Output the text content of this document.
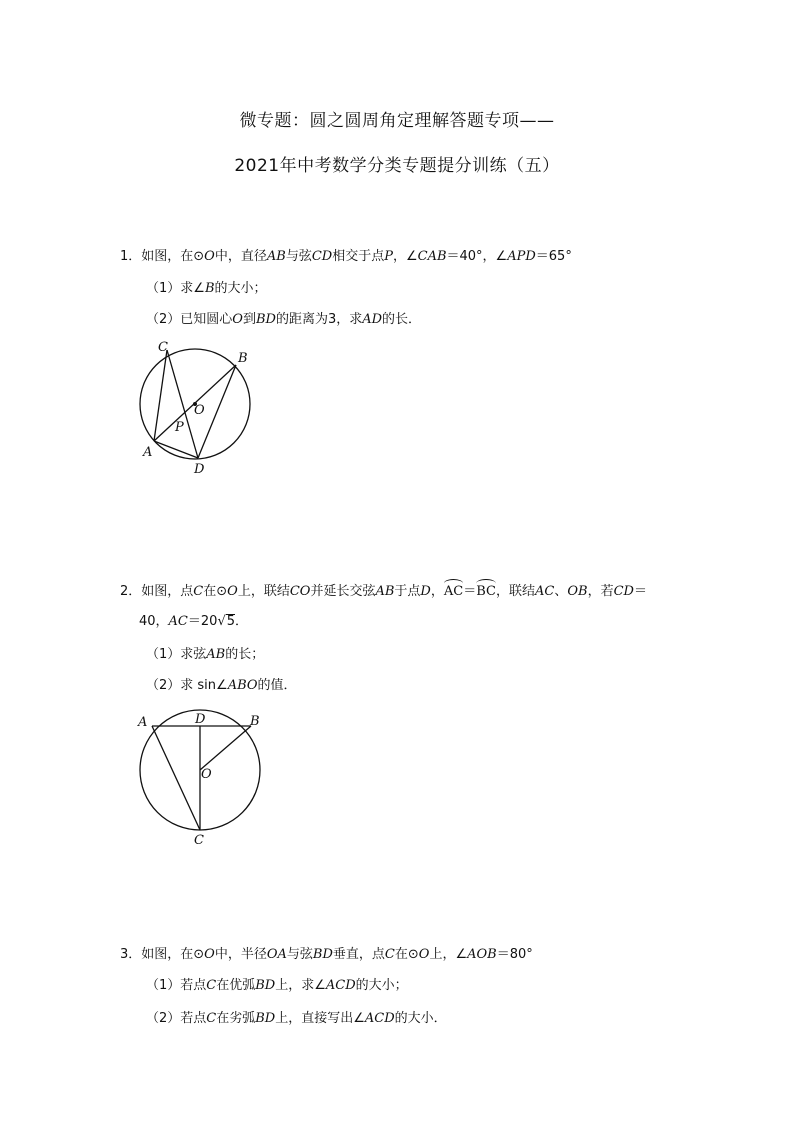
微专题：圆之圆周角定理解答题专项——
2021年中考数学分类专题提分训练（五）
1．如图，在⊙O中，直径AB与弦CD相交于点P，∠CAB＝40°，∠APD＝65°
（1）求∠B的大小；
（2）已知圆心O到BD的距离为3，求AD的长．
C
B
O
P
A
D
2．如图，点C在⊙O上，联结CO并延长交弦AB于点D，AC＝BC，联结AC、OB，若CD＝
40，AC＝20√5．
（1）求弦AB的长；
（2）求 sin∠ABO的值．
A	D	B
O
C
3．如图，在⊙O中，半径OA与弦BD垂直，点C在⊙O上，∠AOB＝80°
（1）若点C在优弧BD上，求∠ACD的大小；
（2）若点C在劣弧BD上，直接写出∠ACD的大小．
